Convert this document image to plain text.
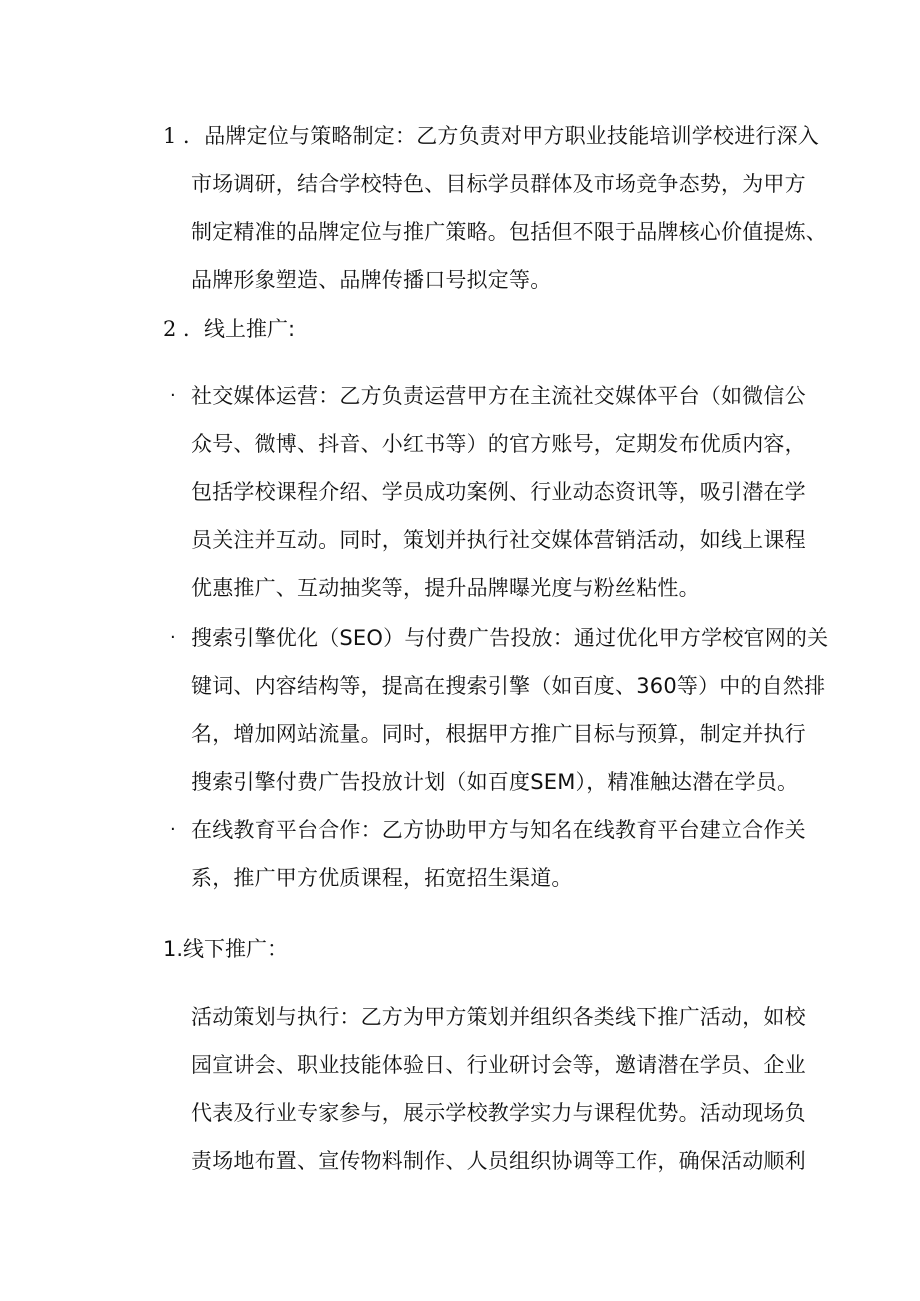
1 ．品牌定位与策略制定：乙方负责对甲方职业技能培训学校进行深入
市场调研，结合学校特色、目标学员群体及市场竞争态势，为甲方
制定精准的品牌定位与推广策略。包括但不限于品牌核心价值提炼、
品牌形象塑造、品牌传播口号拟定等。
2 ．线上推广:
· 社交媒体运营：乙方负责运营甲方在主流社交媒体平台（如微信公
众号、微博、抖音、小红书等）的官方账号，定期发布优质内容，
包括学校课程介绍、学员成功案例、行业动态资讯等，吸引潜在学
员关注并互动。同时，策划并执行社交媒体营销活动，如线上课程
优惠推广、互动抽奖等，提升品牌曝光度与粉丝粘性。
· 搜索引擎优化（SEO）与付费广告投放：通过优化甲方学校官网的关
键词、内容结构等，提高在搜索引擎（如百度、360等）中的自然排
名，增加网站流量。同时，根据甲方推广目标与预算，制定并执行
搜索引擎付费广告投放计划（如百度SEM），精准触达潜在学员。
· 在线教育平台合作：乙方协助甲方与知名在线教育平台建立合作关
系，推广甲方优质课程，拓宽招生渠道。
1.线下推广：
活动策划与执行：乙方为甲方策划并组织各类线下推广活动，如校
园宣讲会、职业技能体验日、行业研讨会等，邀请潜在学员、企业
代表及行业专家参与，展示学校教学实力与课程优势。活动现场负
责场地布置、宣传物料制作、人员组织协调等工作，确保活动顺利
